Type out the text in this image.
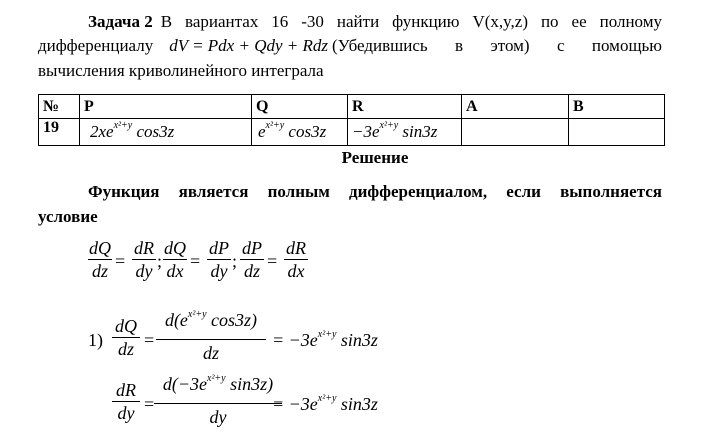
Задача 2 В вариантах 16 -30 найти функцию V(x,y,z) по ее полному
дифференциалу dV = Pdx + Qdy + Rdz (Убедившись в этом) с помощью
вычисления криволинейного интеграла
№	P	Q	R	A	B
19	$2xe^{x^2+y}$ cos3z	$e^{x^2+y}$ cos3z	$-3e^{x^2+y}$ sin3z		
Решение
Функция является полным дифференциалом, если выполняется
условие
dQ
dz =
dR
dy ;
dQ
dx =
dP
dy ;
dP
dz =
dR
dx
1)
dQ
dz =
$d(e^{x^2+y}$ cos3z)
dz
= $-3e^{x^2+y}$ sin3z
dR
dy =
$d(-3e^{x^2+y}$ sin3z)
dy
= $-3e^{x^2+y}$ sin3z
